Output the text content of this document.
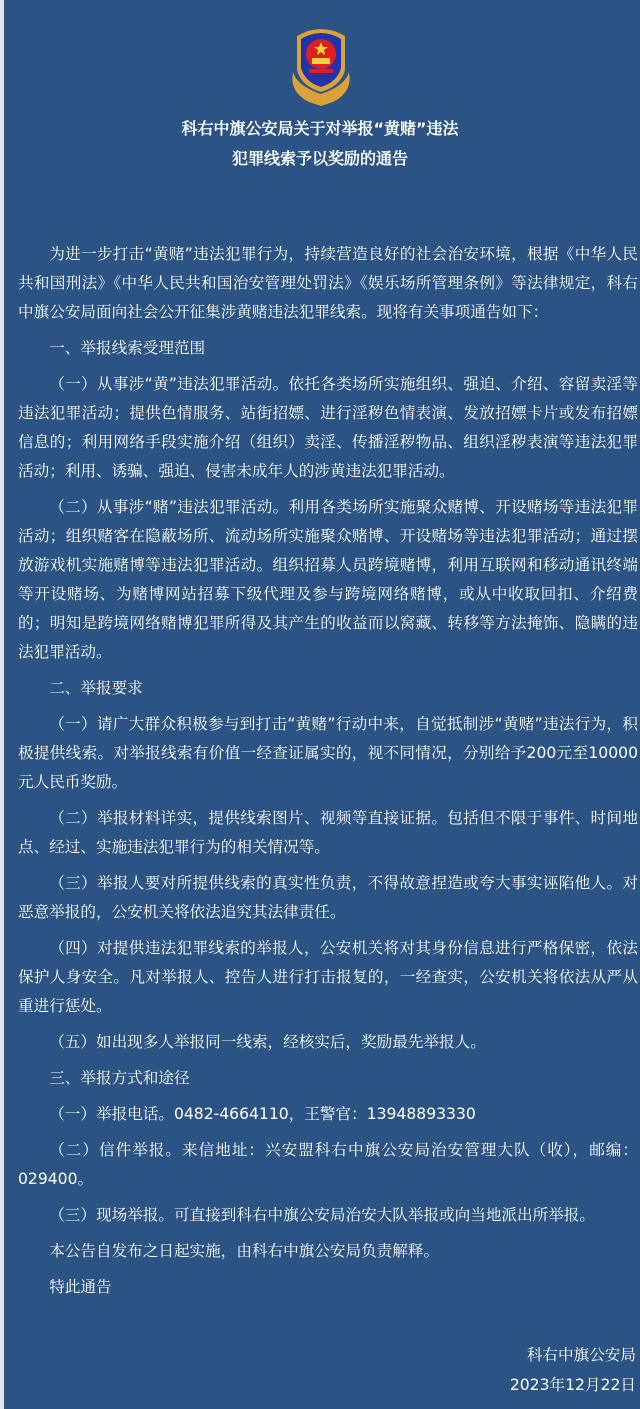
科右中旗公安局关于对举报“黄赌”违法
犯罪线索予以奖励的通告

为进一步打击“黄赌”违法犯罪行为，持续营造良好的社会治安环境，根据《中华人民共和国刑法》《中华人民共和国治安管理处罚法》《娱乐场所管理条例》等法律规定，科右中旗公安局面向社会公开征集涉黄赌违法犯罪线索。现将有关事项通告如下：

一、举报线索受理范围

（一）从事涉“黄”违法犯罪活动。依托各类场所实施组织、强迫、介绍、容留卖淫等违法犯罪活动；提供色情服务、站街招嫖、进行淫秽色情表演、发放招嫖卡片或发布招嫖信息的；利用网络手段实施介绍（组织）卖淫、传播淫秽物品、组织淫秽表演等违法犯罪活动；利用、诱骗、强迫、侵害未成年人的涉黄违法犯罪活动。

（二）从事涉“赌”违法犯罪活动。利用各类场所实施聚众赌博、开设赌场等违法犯罪活动；组织赌客在隐蔽场所、流动场所实施聚众赌博、开设赌场等违法犯罪活动；通过摆放游戏机实施赌博等违法犯罪活动。组织招募人员跨境赌博，利用互联网和移动通讯终端等开设赌场、为赌博网站招募下级代理及参与跨境网络赌博，或从中收取回扣、介绍费的；明知是跨境网络赌博犯罪所得及其产生的收益而以窝藏、转移等方法掩饰、隐瞒的违法犯罪活动。

二、举报要求

（一）请广大群众积极参与到打击“黄赌”行动中来，自觉抵制涉“黄赌”违法行为，积极提供线索。对举报线索有价值一经查证属实的，视不同情况，分别给予200元至10000元人民币奖励。

（二）举报材料详实，提供线索图片、视频等直接证据。包括但不限于事件、时间地点、经过、实施违法犯罪行为的相关情况等。

（三）举报人要对所提供线索的真实性负责，不得故意捏造或夸大事实诬陷他人。对恶意举报的，公安机关将依法追究其法律责任。

（四）对提供违法犯罪线索的举报人，公安机关将对其身份信息进行严格保密，依法保护人身安全。凡对举报人、控告人进行打击报复的，一经查实，公安机关将依法从严从重进行惩处。

（五）如出现多人举报同一线索，经核实后，奖励最先举报人。

三、举报方式和途径

（一）举报电话。0482-4664110，王警官：13948893330

（二）信件举报。来信地址：兴安盟科右中旗公安局治安管理大队（收），邮编：029400。

（三）现场举报。可直接到科右中旗公安局治安大队举报或向当地派出所举报。

本公告自发布之日起实施，由科右中旗公安局负责解释。

特此通告

科右中旗公安局
2023年12月22日
